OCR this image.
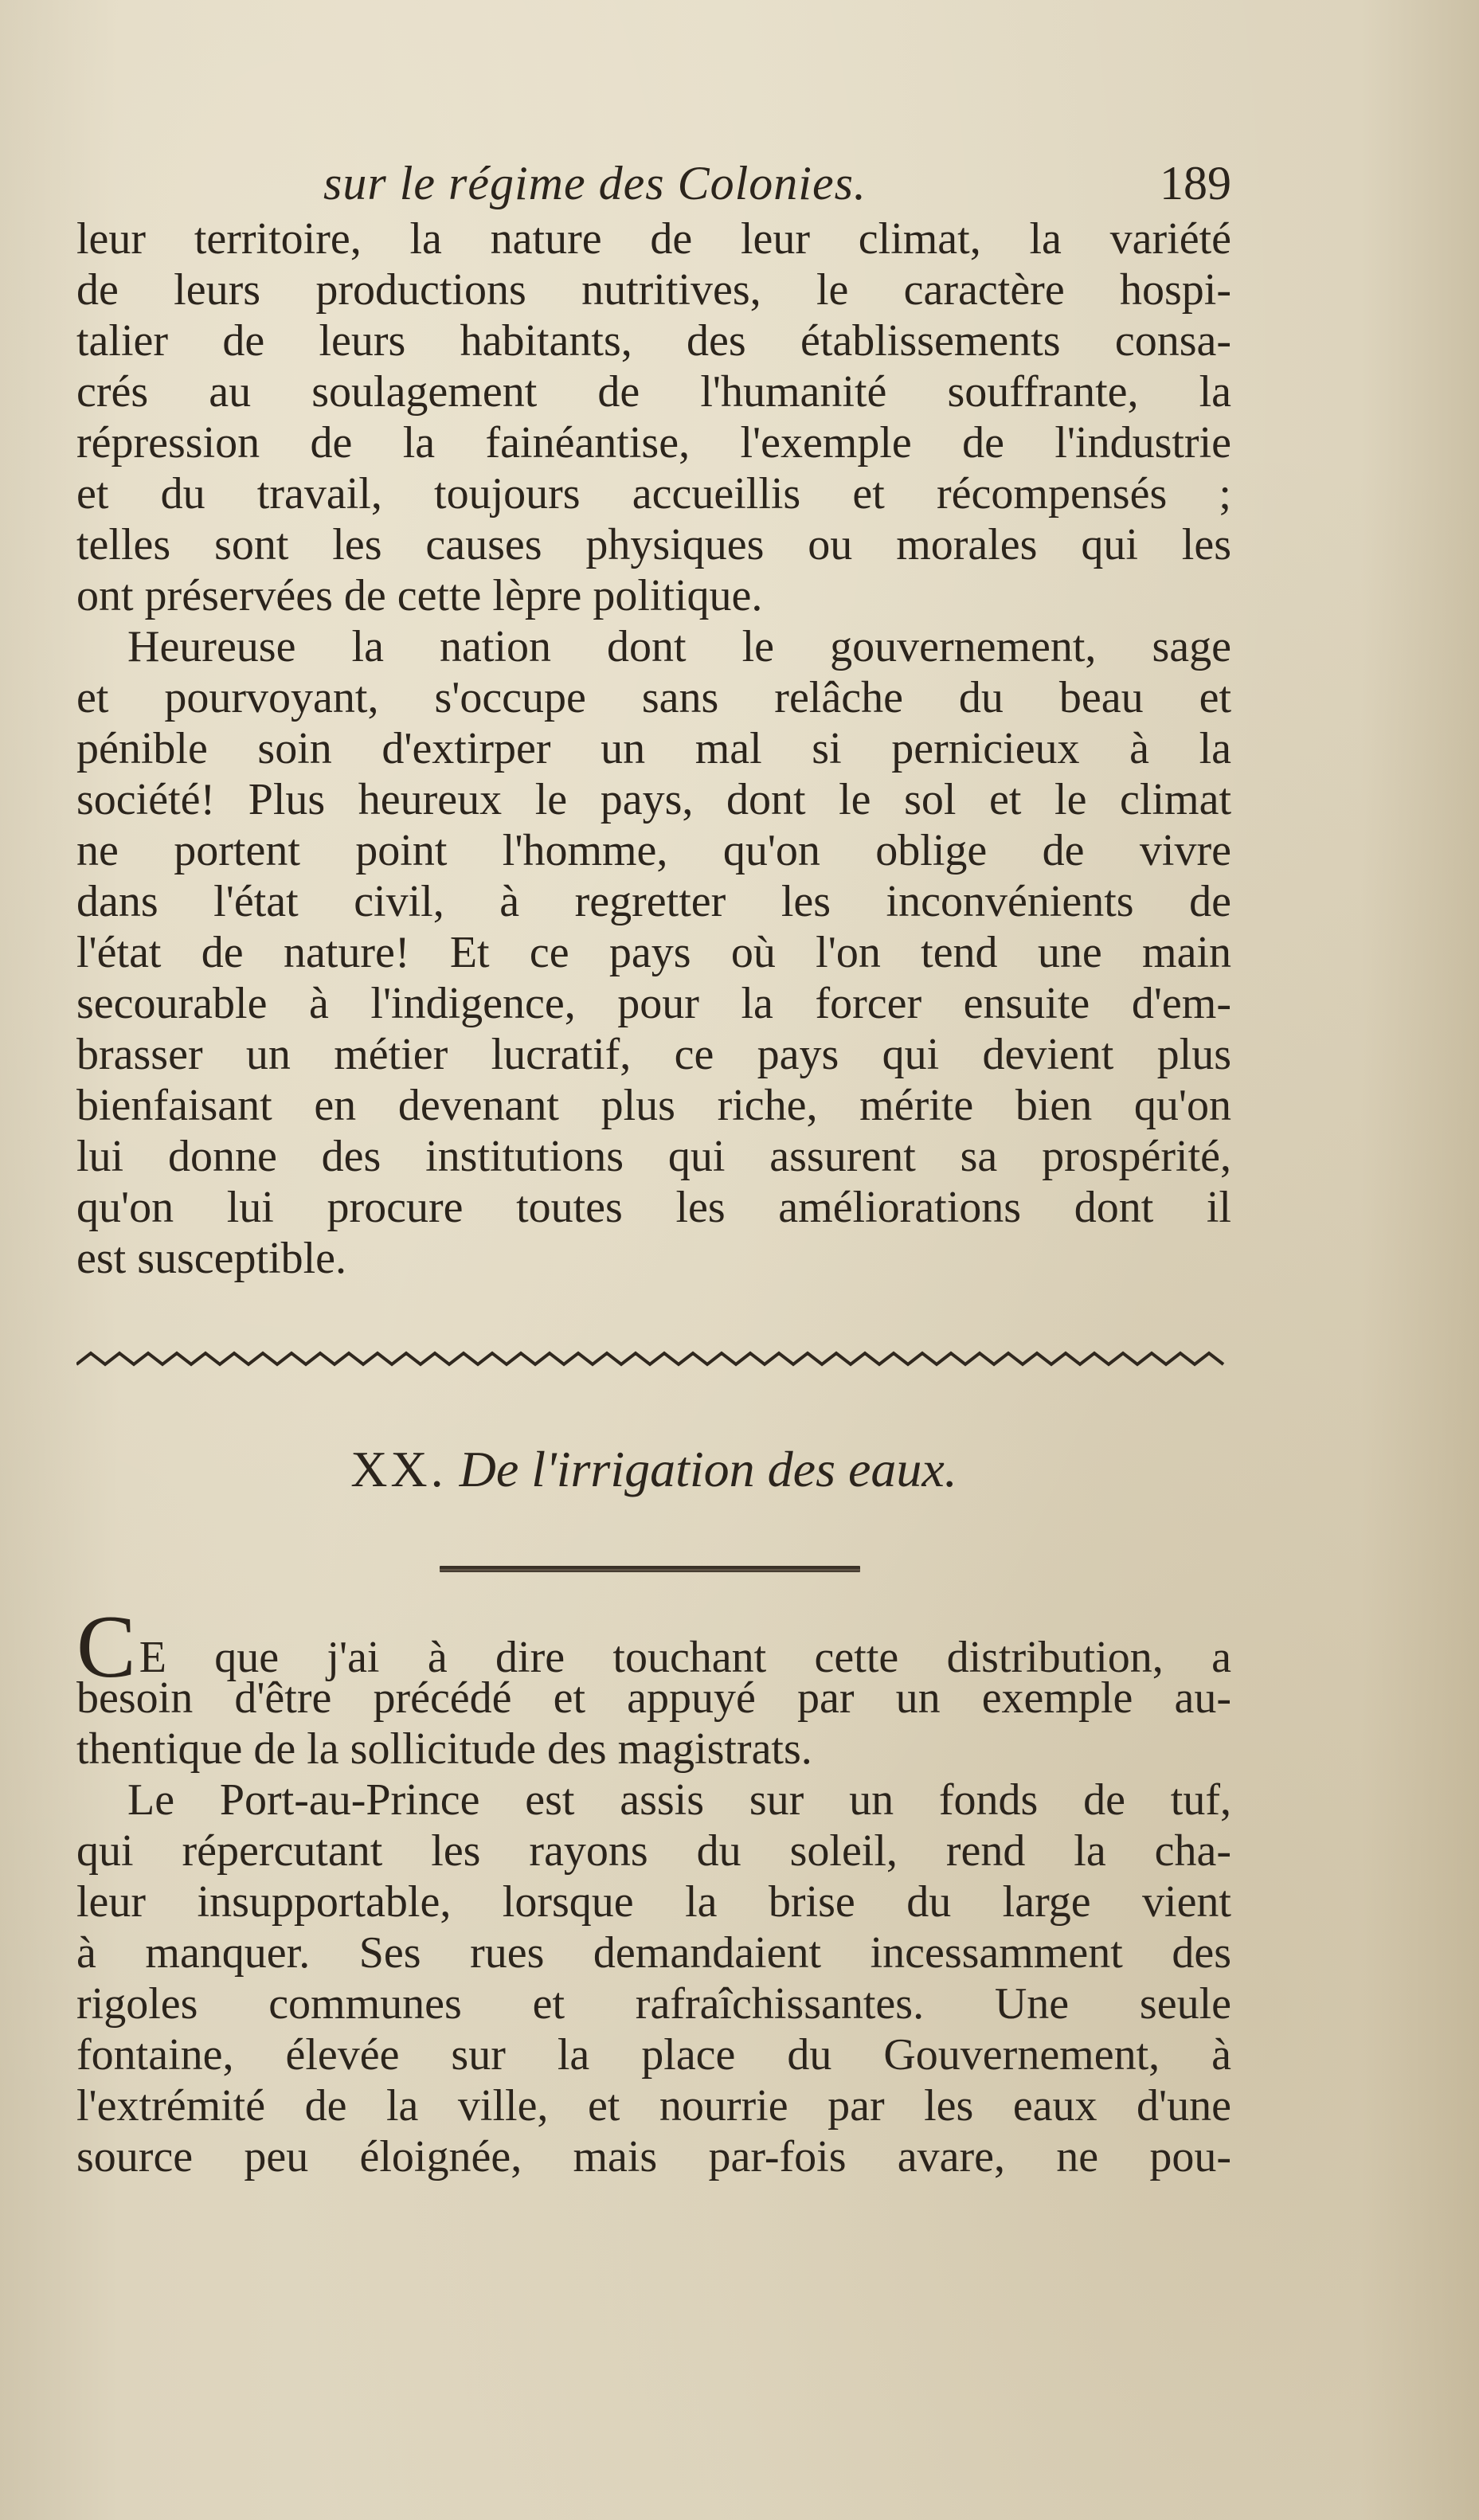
sur le régime des Colonies.	189

leur territoire, la nature de leur climat, la variété
de leurs productions nutritives, le caractère hospi-
talier de leurs habitants, des établissements consa-
crés au soulagement de l'humanité souffrante, la
répression de la fainéantise, l'exemple de l'industrie
et du travail, toujours accueillis et récompensés ;
telles sont les causes physiques ou morales qui les
ont préservées de cette lèpre politique.

Heureuse la nation dont le gouvernement, sage
et pourvoyant, s'occupe sans relâche du beau et
pénible soin d'extirper un mal si pernicieux à la
société! Plus heureux le pays, dont le sol et le climat
ne portent point l'homme, qu'on oblige de vivre
dans l'état civil, à regretter les inconvénients de
l'état de nature! Et ce pays où l'on tend une main
secourable à l'indigence, pour la forcer ensuite d'em-
brasser un métier lucratif, ce pays qui devient plus
bienfaisant en devenant plus riche, mérite bien qu'on
lui donne des institutions qui assurent sa prospérité,
qu'on lui procure toutes les améliorations dont il
est susceptible.

XX. De l'irrigation des eaux.

CE que j'ai à dire touchant cette distribution, a
besoin d'être précédé et appuyé par un exemple au-
thentique de la sollicitude des magistrats.

Le Port-au-Prince est assis sur un fonds de tuf,
qui répercutant les rayons du soleil, rend la cha-
leur insupportable, lorsque la brise du large vient
à manquer. Ses rues demandaient incessamment des
rigoles communes et rafraîchissantes. Une seule
fontaine, élevée sur la place du Gouvernement, à
l'extrémité de la ville, et nourrie par les eaux d'une
source peu éloignée, mais par-fois avare, ne pou-
